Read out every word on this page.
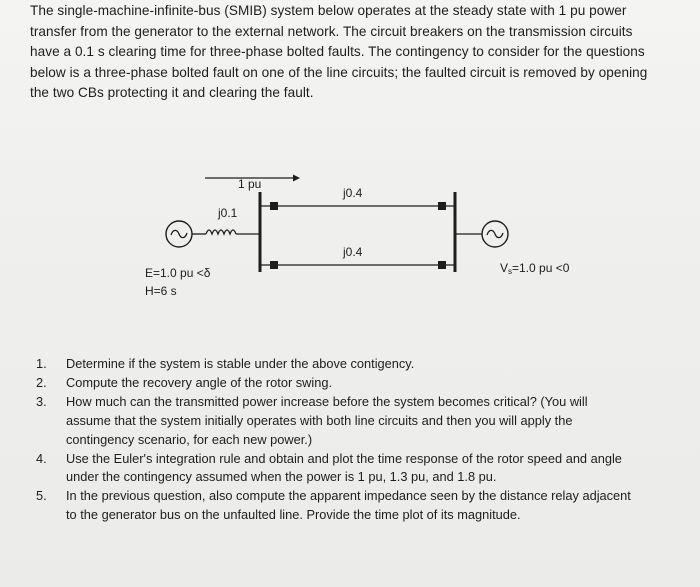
The single-machine-infinite-bus (SMIB) system below operates at the steady state with 1 pu power
transfer from the generator to the external network. The circuit breakers on the transmission circuits
have a 0.1 s clearing time for three-phase bolted faults. The contingency to consider for the questions
below is a three-phase bolted fault on one of the line circuits; the faulted circuit is removed by opening
the two CBs protecting it and clearing the fault.
1 pu
j0.1
j0.4
j0.4
E=1.0 pu <δ
H=6 s
Vs=1.0 pu <0
1. Determine if the system is stable under the above contigency.
2. Compute the recovery angle of the rotor swing.
3. How much can the transmitted power increase before the system becomes critical? (You will
assume that the system initially operates with both line circuits and then you will apply the
contingency scenario, for each new power.)
4. Use the Euler's integration rule and obtain and plot the time response of the rotor speed and angle
under the contingency assumed when the power is 1 pu, 1.3 pu, and 1.8 pu.
5. In the previous question, also compute the apparent impedance seen by the distance relay adjacent
to the generator bus on the unfaulted line. Provide the time plot of its magnitude.
